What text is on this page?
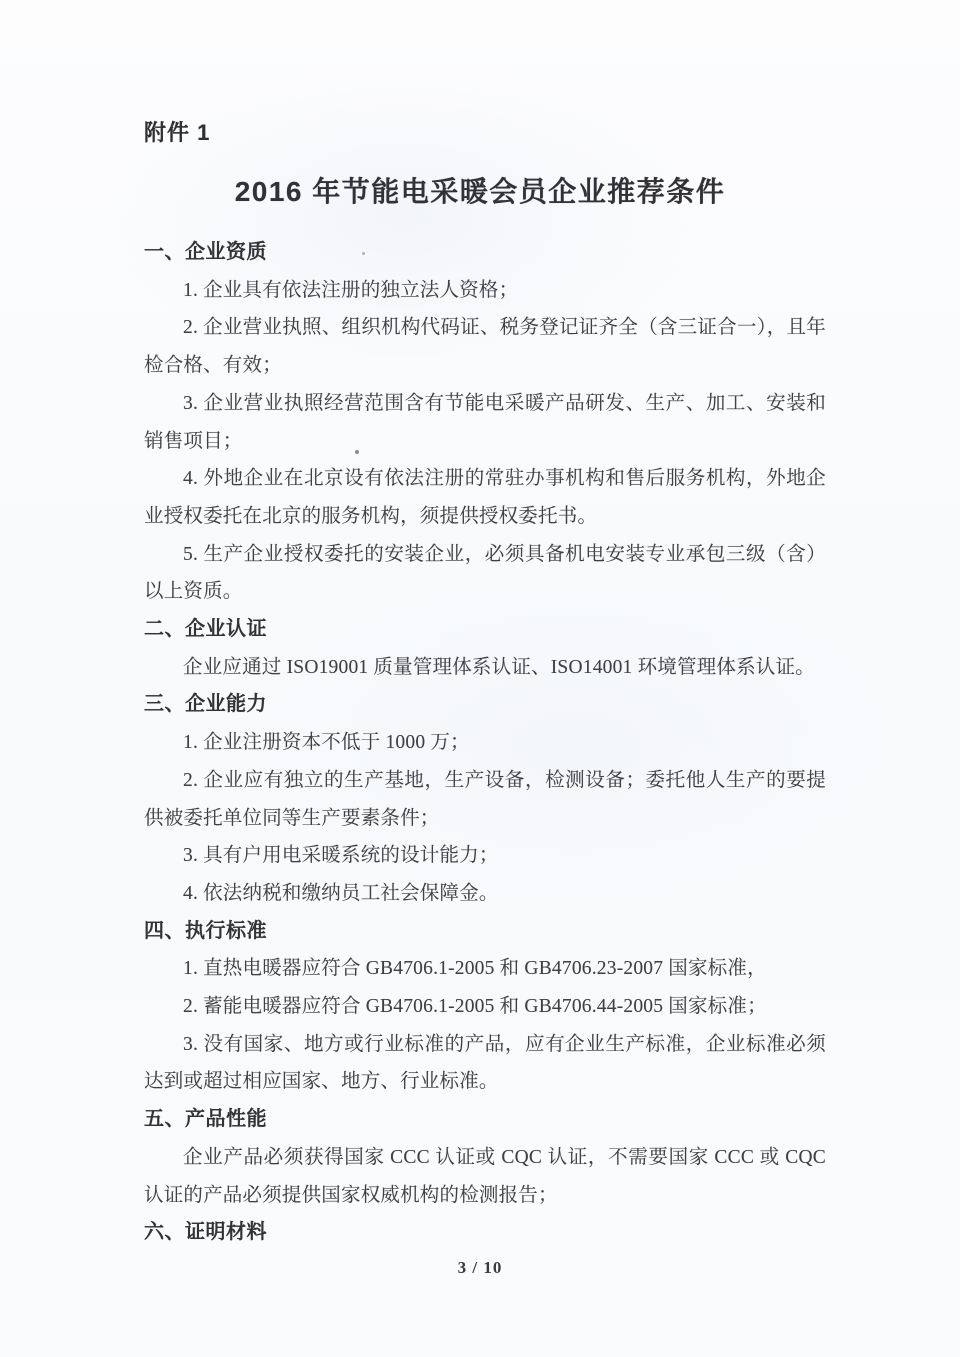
附件 1
2016 年节能电采暖会员企业推荐条件
一、企业资质

1. 企业具有依法注册的独立法人资格；

2. 企业营业执照、组织机构代码证、税务登记证齐全（含三证合一），且年检合格、有效；

3. 企业营业执照经营范围含有节能电采暖产品研发、生产、加工、安装和销售项目；

4. 外地企业在北京设有依法注册的常驻办事机构和售后服务机构，外地企业授权委托在北京的服务机构，须提供授权委托书。

5. 生产企业授权委托的安装企业，必须具备机电安装专业承包三级（含）以上资质。

二、企业认证

企业应通过 ISO19001 质量管理体系认证、ISO14001 环境管理体系认证。

三、企业能力

1. 企业注册资本不低于 1000 万；

2. 企业应有独立的生产基地，生产设备，检测设备；委托他人生产的要提供被委托单位同等生产要素条件；

3. 具有户用电采暖系统的设计能力；

4. 依法纳税和缴纳员工社会保障金。

四、执行标准

1. 直热电暖器应符合 GB4706.1-2005 和 GB4706.23-2007 国家标准，

2. 蓄能电暖器应符合 GB4706.1-2005 和 GB4706.44-2005 国家标准；

3. 没有国家、地方或行业标准的产品，应有企业生产标准，企业标准必须达到或超过相应国家、地方、行业标准。

五、产品性能

企业产品必须获得国家 CCC 认证或 CQC 认证，不需要国家 CCC 或 CQC 认证的产品必须提供国家权威机构的检测报告；

六、证明材料
3 / 10
